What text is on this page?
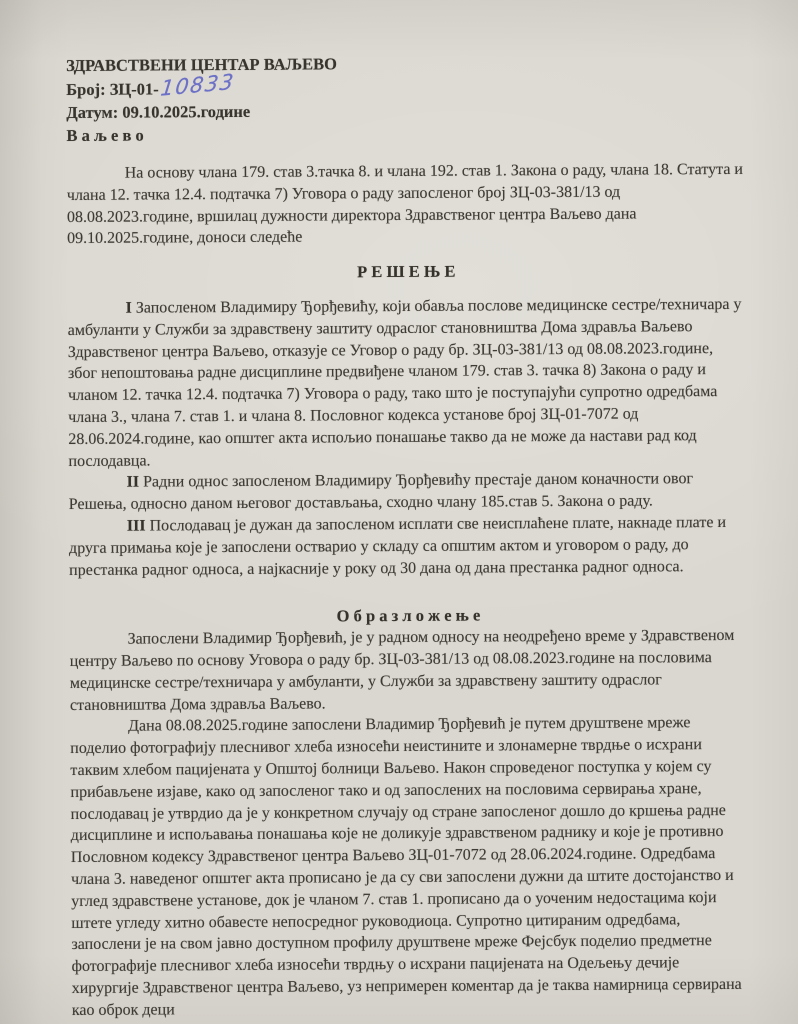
ЗДРАВСТВЕНИ ЦЕНТАР ВАЉЕВО
Број: ЗЦ-01-10833
Датум: 09.10.2025.године
В а љ е в о

На основу члана 179. став 3.тачка 8. и члана 192. став 1. Закона о раду, члана 18. Статута и члана 12. тачка 12.4. подтачка 7) Уговора о раду запосленог број ЗЦ-03-381/13 од 08.08.2023.године, вршилац дужности директора Здравственог центра Ваљево дана 09.10.2025.године, доноси следеће

Р Е Ш Е Њ Е

I Запосленом Владимиру Ђорђевићу, који обавља послове медицинске сестре/техничара у амбуланти у Служби за здравствену заштиту одраслог становништва Дома здравља Ваљево Здравственог центра Ваљево, отказује се Уговор о раду бр. ЗЦ-03-381/13 од 08.08.2023.године, због непоштовања радне дисциплине предвиђене чланом 179. став 3. тачка 8) Закона о раду и чланом 12. тачка 12.4. подтачка 7) Уговора о раду, тако што је поступајући супротно одредбама члана 3., члана 7. став 1. и члана 8. Пословног кодекса установе број ЗЦ-01-7072 од 28.06.2024.године, као општег акта испољио понашање такво да не може да настави рад код послодавца.

II Радни однос запосленом Владимиру Ђорђевићу престаје даном коначности овог Решења, односно даном његовог достављања, сходно члану 185.став 5. Закона о раду.

III Послодавац је дужан да запосленом исплати све неисплаћене плате, накнаде плате и друга примања које је запослени остварио у складу са општим актом и уговором о раду, до престанка радног односа, а најкасније у року од 30 дана од дана престанка радног односа.

О б р а з л о ж е њ е

Запослени Владимир Ђорђевић, је у радном односу на неодређено време у Здравственом центру Ваљево по основу Уговора о раду бр. ЗЦ-03-381/13 од 08.08.2023.године на пословима медицинске сестре/техничара у амбуланти, у Служби за здравствену заштиту одраслог становништва Дома здравља Ваљево.

Дана 08.08.2025.године запослени Владимир Ђорђевић је путем друштвене мреже поделио фотографију плеснивог хлеба износећи неистините и злонамерне тврдње о исхрани таквим хлебом пацијената у Општој болници Ваљево. Након спроведеног поступка у којем су прибављене изјаве, како од запосленог тако и од запослених на пословима сервирања хране, послодавац је утврдио да је у конкретном случају од стране запосленог дошло до кршења радне дисциплине и испољавања понашања које не доликује здравственом раднику и које је противно Пословном кодексу Здравственог центра Ваљево ЗЦ-01-7072 од 28.06.2024.године. Одредбама члана 3. наведеног општег акта прописано је да су сви запослени дужни да штите достојанство и углед здравствене установе, док је чланом 7. став 1. прописано да о уоченим недостацима који штете угледу хитно обавесте непосредног руководиоца. Супротно цитираним одредбама, запослени је на свом јавно доступном профилу друштвене мреже Фејсбук поделио предметне фотографије плеснивог хлеба износећи тврдњу о исхрани пацијената на Одељењу дечије хирургије Здравственог центра Ваљево, уз непримерен коментар да је таква намирница сервирана као оброк деци
